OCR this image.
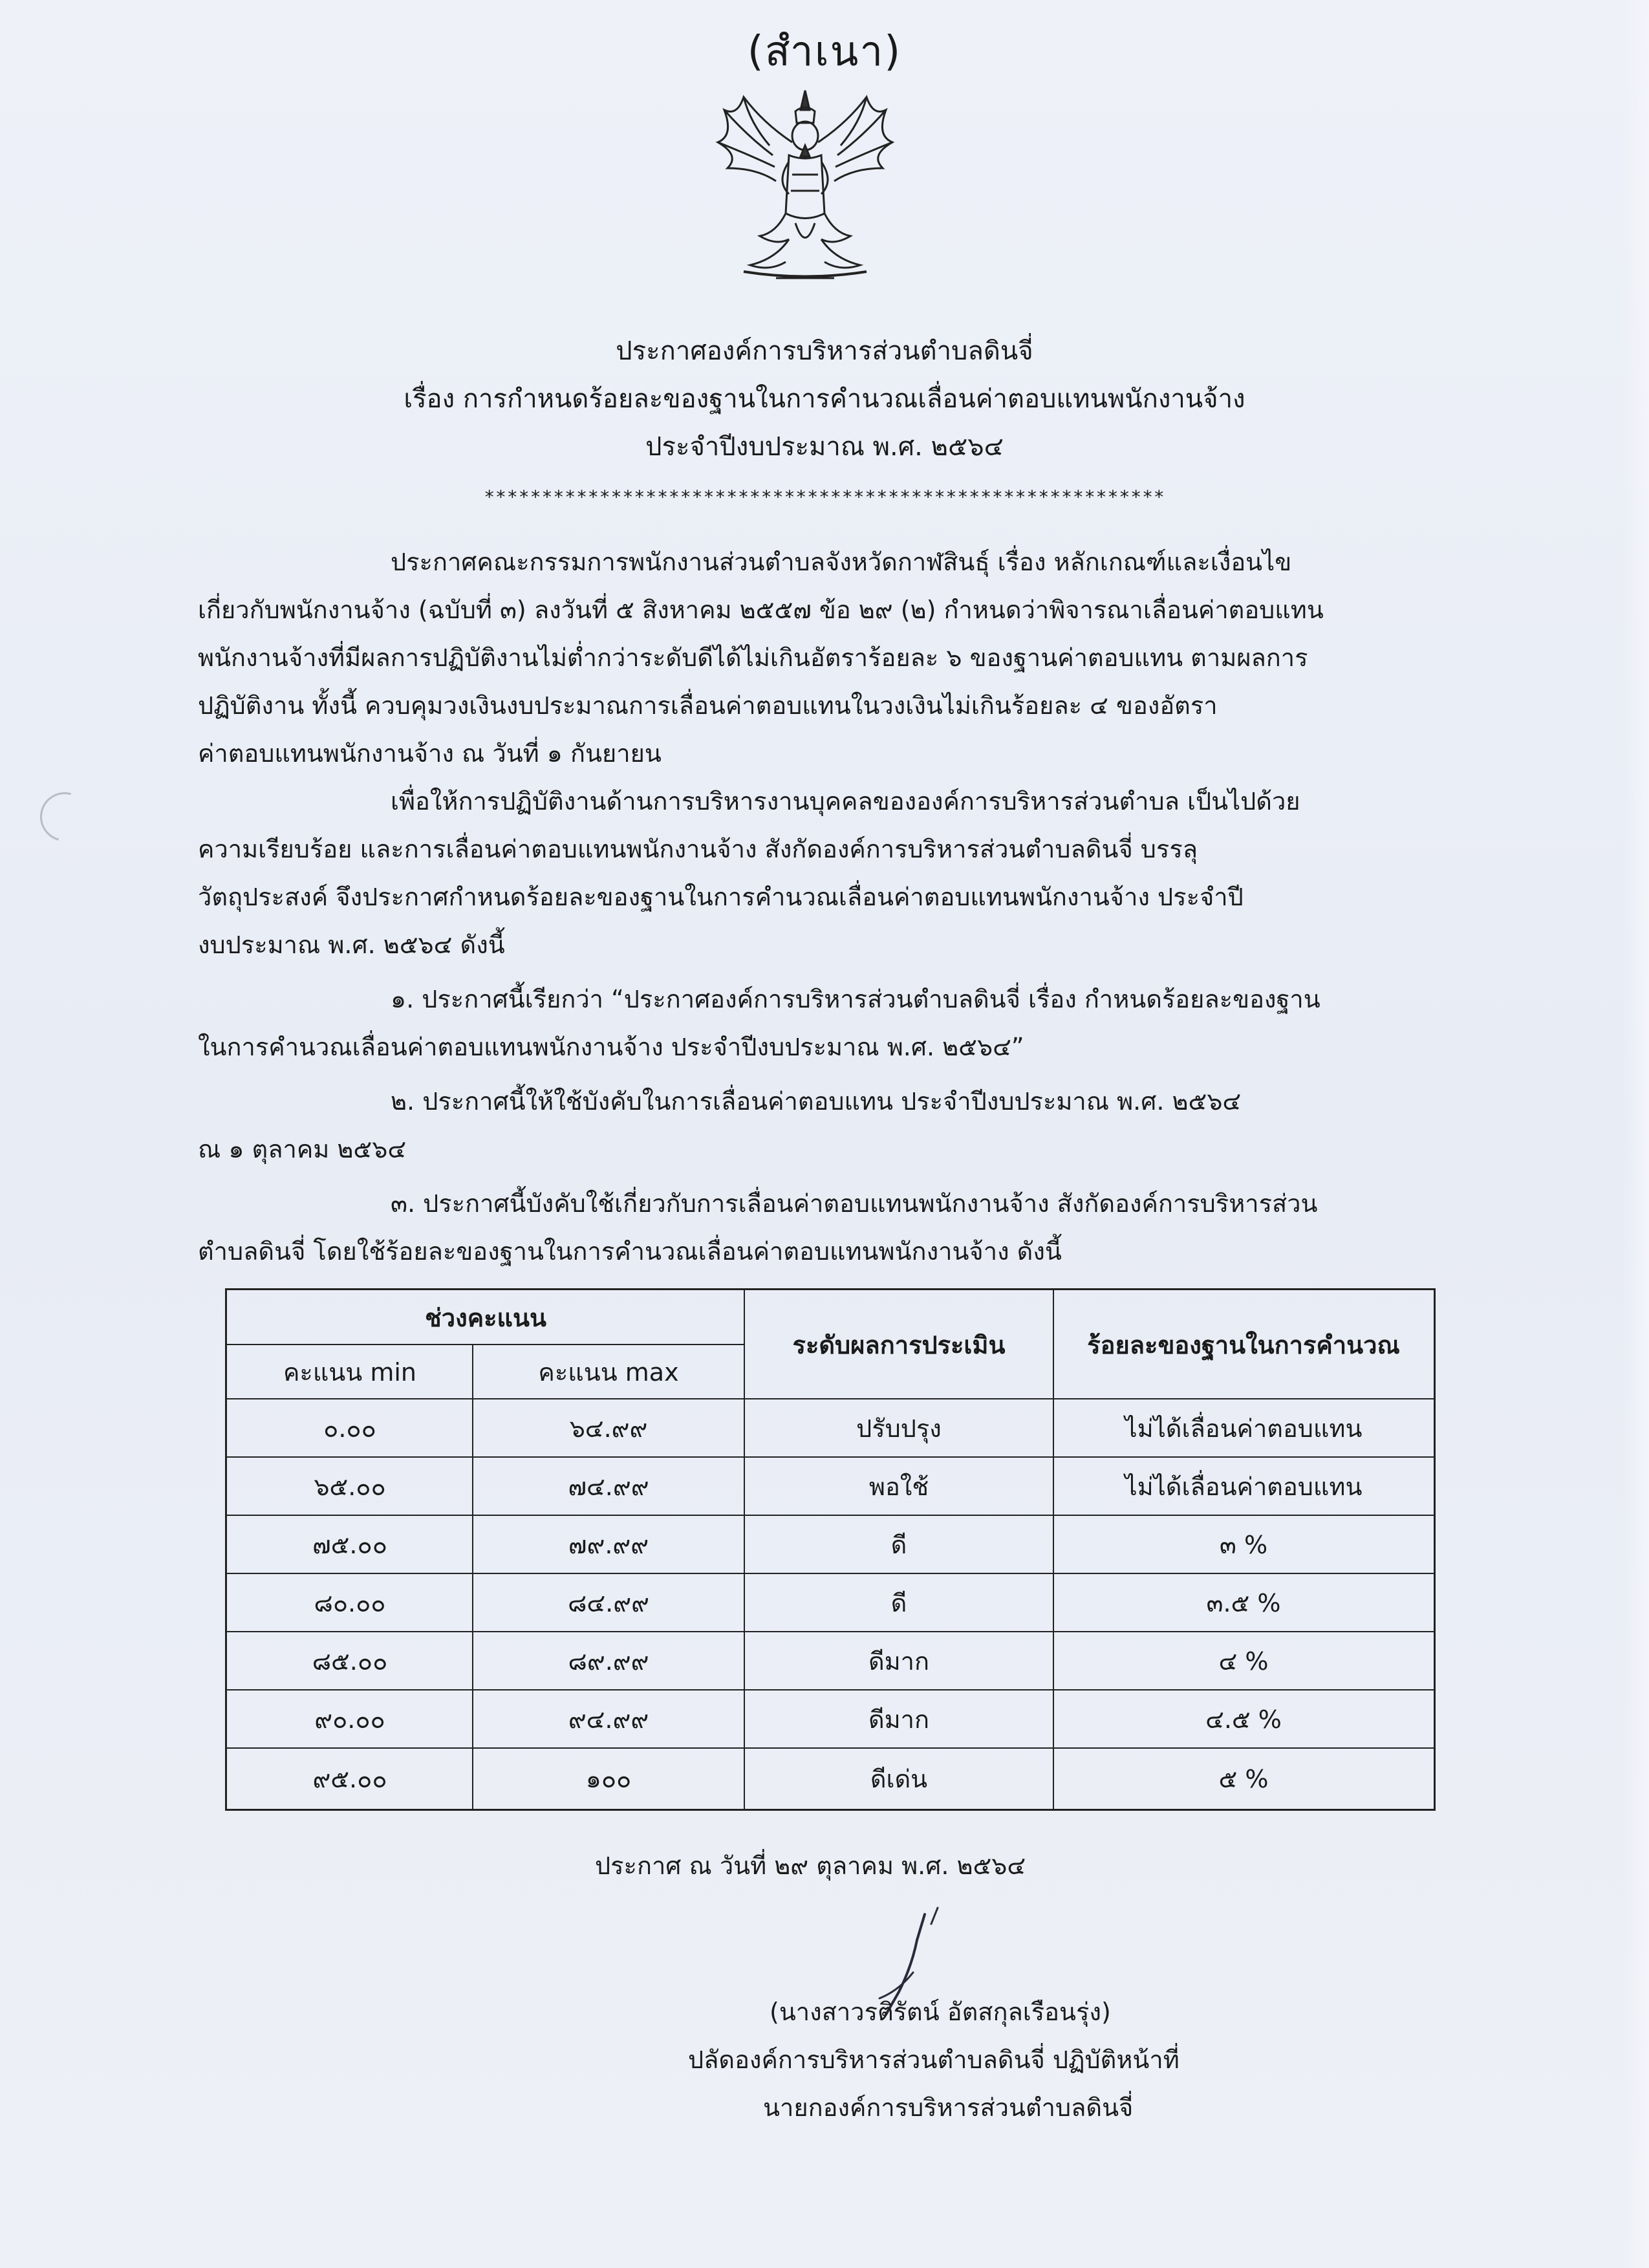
(สำเนา)
ประกาศองค์การบริหารส่วนตำบลดินจี่
เรื่อง การกำหนดร้อยละของฐานในการคำนวณเลื่อนค่าตอบแทนพนักงานจ้าง
ประจำปีงบประมาณ พ.ศ. ๒๕๖๔
***********************************************************
ประกาศคณะกรรมการพนักงานส่วนตำบลจังหวัดกาฬสินธุ์ เรื่อง หลักเกณฑ์และเงื่อนไข
เกี่ยวกับพนักงานจ้าง (ฉบับที่ ๓) ลงวันที่ ๕ สิงหาคม ๒๕๕๗ ข้อ ๒๙ (๒) กำหนดว่าพิจารณาเลื่อนค่าตอบแทน
พนักงานจ้างที่มีผลการปฏิบัติงานไม่ต่ำกว่าระดับดีได้ไม่เกินอัตราร้อยละ ๖ ของฐานค่าตอบแทน ตามผลการ
ปฏิบัติงาน ทั้งนี้ ควบคุมวงเงินงบประมาณการเลื่อนค่าตอบแทนในวงเงินไม่เกินร้อยละ ๔ ของอัตรา
ค่าตอบแทนพนักงานจ้าง ณ วันที่ ๑ กันยายน
เพื่อให้การปฏิบัติงานด้านการบริหารงานบุคคลขององค์การบริหารส่วนตำบล เป็นไปด้วย
ความเรียบร้อย และการเลื่อนค่าตอบแทนพนักงานจ้าง สังกัดองค์การบริหารส่วนตำบลดินจี่ บรรลุ
วัตถุประสงค์ จึงประกาศกำหนดร้อยละของฐานในการคำนวณเลื่อนค่าตอบแทนพนักงานจ้าง ประจำปี
งบประมาณ พ.ศ. ๒๕๖๔ ดังนี้
๑. ประกาศนี้เรียกว่า “ประกาศองค์การบริหารส่วนตำบลดินจี่ เรื่อง กำหนดร้อยละของฐาน
ในการคำนวณเลื่อนค่าตอบแทนพนักงานจ้าง ประจำปีงบประมาณ พ.ศ. ๒๕๖๔”
๒. ประกาศนี้ให้ใช้บังคับในการเลื่อนค่าตอบแทน ประจำปีงบประมาณ พ.ศ. ๒๕๖๔
ณ ๑ ตุลาคม ๒๕๖๔
๓. ประกาศนี้บังคับใช้เกี่ยวกับการเลื่อนค่าตอบแทนพนักงานจ้าง สังกัดองค์การบริหารส่วน
ตำบลดินจี่ โดยใช้ร้อยละของฐานในการคำนวณเลื่อนค่าตอบแทนพนักงานจ้าง ดังนี้
ช่วงคะแนน
คะแนน min	คะแนน max
ระดับผลการประเมิน	ร้อยละของฐานในการคำนวณ
๐.๐๐	๖๔.๙๙	ปรับปรุง	ไม่ได้เลื่อนค่าตอบแทน
๖๕.๐๐	๗๔.๙๙	พอใช้	ไม่ได้เลื่อนค่าตอบแทน
๗๕.๐๐	๗๙.๙๙	ดี	๓ %
๘๐.๐๐	๘๔.๙๙	ดี	๓.๕ %
๘๕.๐๐	๘๙.๙๙	ดีมาก	๔ %
๙๐.๐๐	๙๔.๙๙	ดีมาก	๔.๕ %
๙๕.๐๐	๑๐๐	ดีเด่น	๕ %
ประกาศ ณ วันที่ ๒๙ ตุลาคม พ.ศ. ๒๕๖๔
(นางสาวรติรัตน์ อัตสกุลเรือนรุ่ง)
ปลัดองค์การบริหารส่วนตำบลดินจี่ ปฏิบัติหน้าที่
นายกองค์การบริหารส่วนตำบลดินจี่
